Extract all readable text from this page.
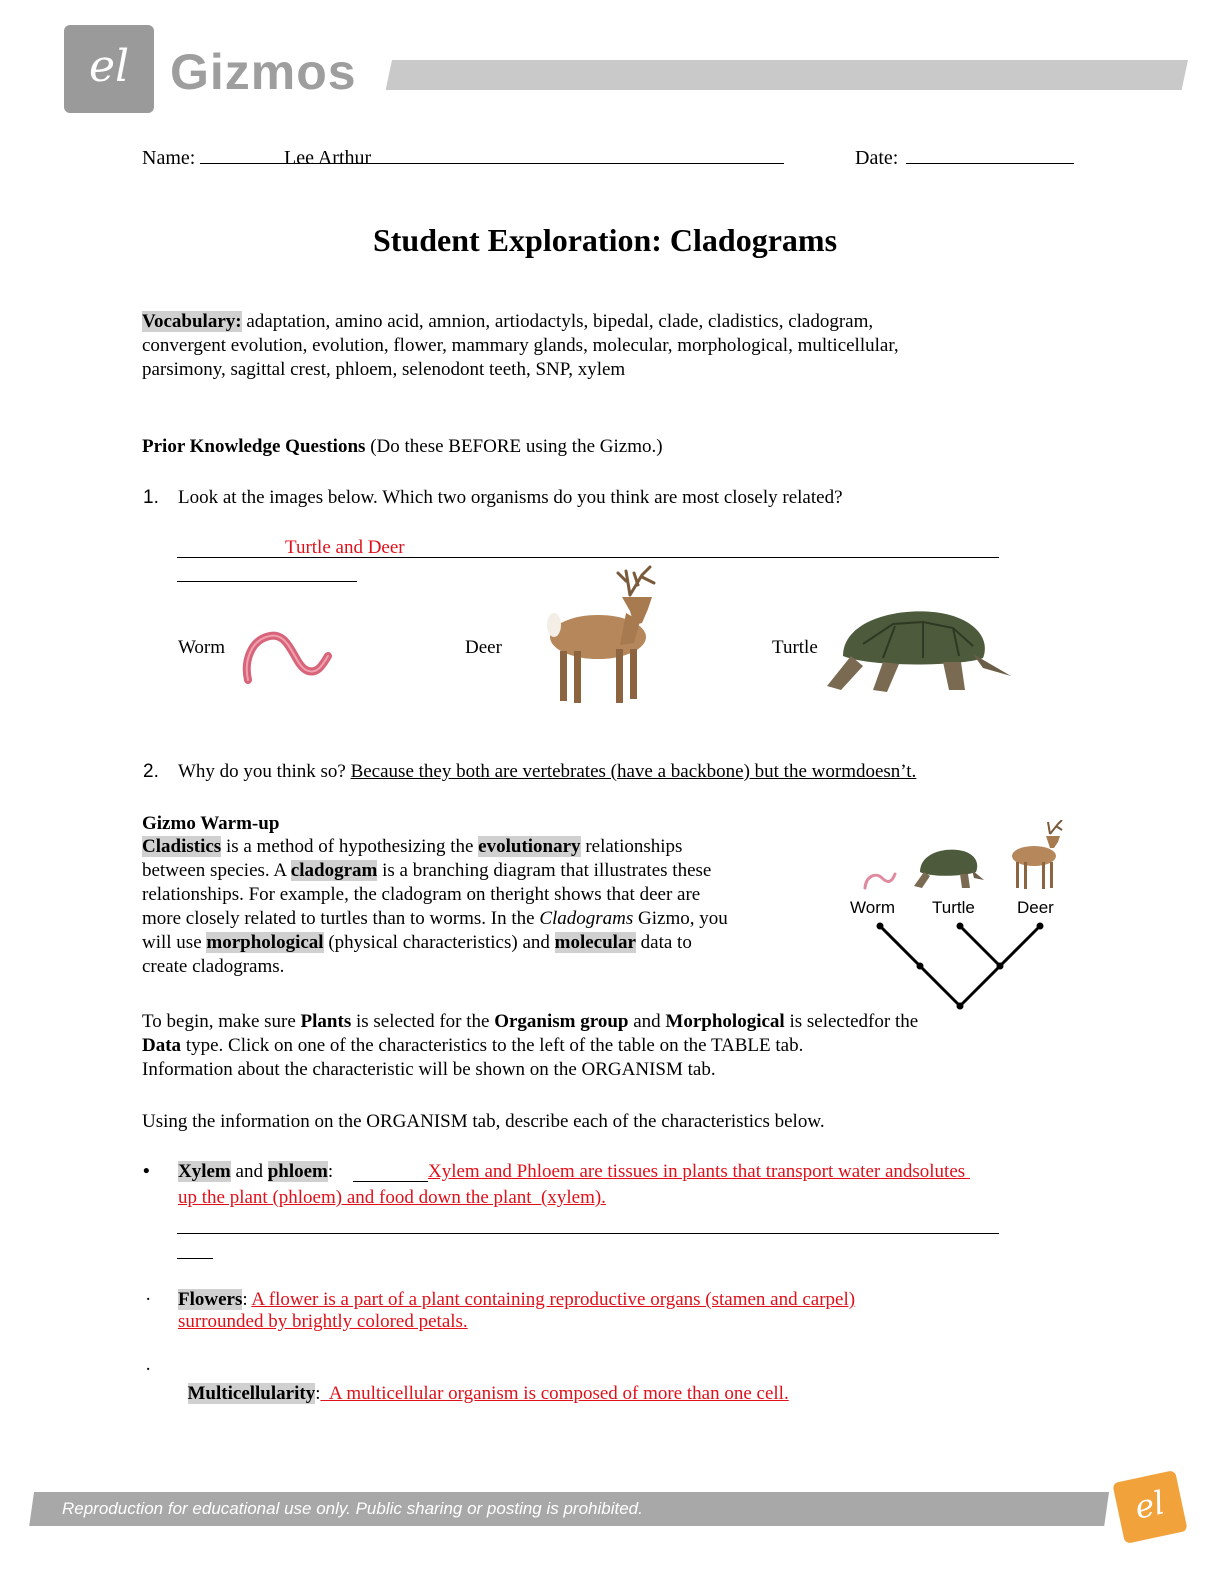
el Gizmos
Name:	Lee Arthur	Date:
Student Exploration: Cladograms
Vocabulary: adaptation, amino acid, amnion, artiodactyls, bipedal, clade, cladistics, cladogram,
convergent evolution, evolution, flower, mammary glands, molecular, morphological, multicellular,
parsimony, sagittal crest, phloem, selenodont teeth, SNP, xylem
Prior Knowledge Questions (Do these BEFORE using the Gizmo.)
1. Look at the images below. Which two organisms do you think are most closely related?
Turtle and Deer
Worm	Deer	Turtle
2. Why do you think so? Because they both are vertebrates (have a backbone) but the wormdoesn’t.
Gizmo Warm-up
Cladistics is a method of hypothesizing the evolutionary relationships
between species. A cladogram is a branching diagram that illustrates these
relationships. For example, the cladogram on theright shows that deer are
more closely related to turtles than to worms. In the Cladograms Gizmo, you
will use morphological (physical characteristics) and molecular data to
create cladograms.
Worm Turtle Deer
To begin, make sure Plants is selected for the Organism group and Morphological is selectedfor the
Data type. Click on one of the characteristics to the left of the table on the TABLE tab.
Information about the characteristic will be shown on the ORGANISM tab.
Using the information on the ORGANISM tab, describe each of the characteristics below.
• Xylem and phloem:	Xylem and Phloem are tissues in plants that transport water andsolutes
up the plant (phloem) and food down the plant  (xylem).
· Flowers: A flower is a part of a plant containing reproductive organs (stamen and carpel)
surrounded by brightly colored petals.
·

Multicellularity:  A multicellular organism is composed of more than one cell.

Reproduction for educational use only. Public sharing or posting is prohibited.

© 2022 ExploreLearning®  All rights reserved

el
